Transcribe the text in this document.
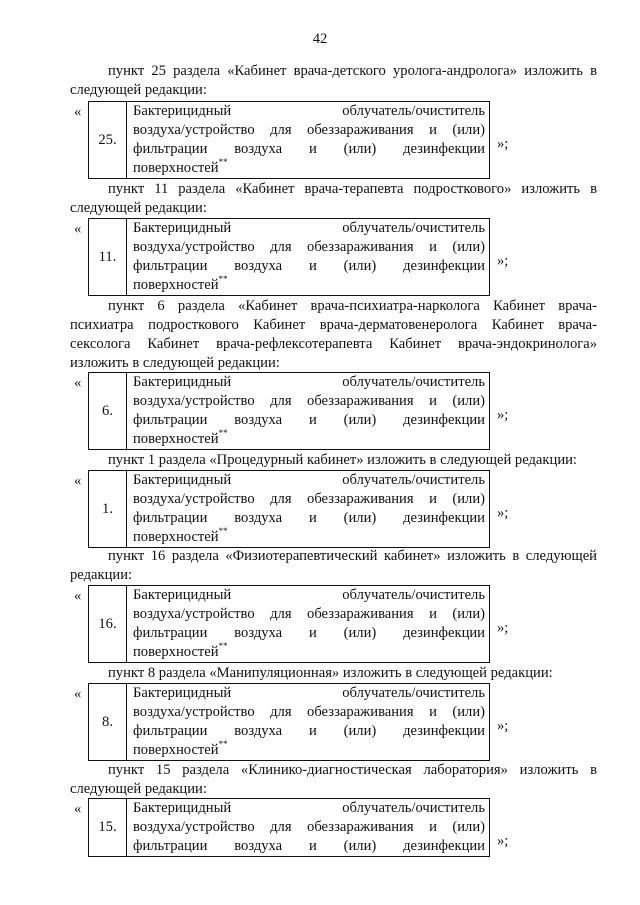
42
пункт 25 раздела «Кабинет врача-детского уролога-андролога» изложить в
следующей редакции:
«
25.
Бактерицидный облучатель/очиститель
воздуха/устройство для обеззараживания и (или)
фильтрации воздуха и (или) дезинфекции
поверхностей**
»;
пункт 11 раздела «Кабинет врача-терапевта подросткового» изложить в
следующей редакции:
«
11.
Бактерицидный облучатель/очиститель
воздуха/устройство для обеззараживания и (или)
фильтрации воздуха и (или) дезинфекции
поверхностей**
»;
пункт 6 раздела «Кабинет врача-психиатра-нарколога Кабинет врача-
психиатра подросткового Кабинет врача-дерматовенеролога Кабинет врача-
сексолога Кабинет врача-рефлексотерапевта Кабинет врача-эндокринолога»
изложить в следующей редакции:
«
6.
Бактерицидный облучатель/очиститель
воздуха/устройство для обеззараживания и (или)
фильтрации воздуха и (или) дезинфекции
поверхностей**
»;
пункт 1 раздела «Процедурный кабинет» изложить в следующей редакции:
«
1.
Бактерицидный облучатель/очиститель
воздуха/устройство для обеззараживания и (или)
фильтрации воздуха и (или) дезинфекции
поверхностей**
»;
пункт 16 раздела «Физиотерапевтический кабинет» изложить в следующей
редакции:
«
16.
Бактерицидный облучатель/очиститель
воздуха/устройство для обеззараживания и (или)
фильтрации воздуха и (или) дезинфекции
поверхностей**
»;
пункт 8 раздела «Манипуляционная» изложить в следующей редакции:
«
8.
Бактерицидный облучатель/очиститель
воздуха/устройство для обеззараживания и (или)
фильтрации воздуха и (или) дезинфекции
поверхностей**
»;
пункт 15 раздела «Клинико-диагностическая лаборатория» изложить в
следующей редакции:
«
15.
Бактерицидный облучатель/очиститель
воздуха/устройство для обеззараживания и (или)
фильтрации воздуха и (или) дезинфекции »;
